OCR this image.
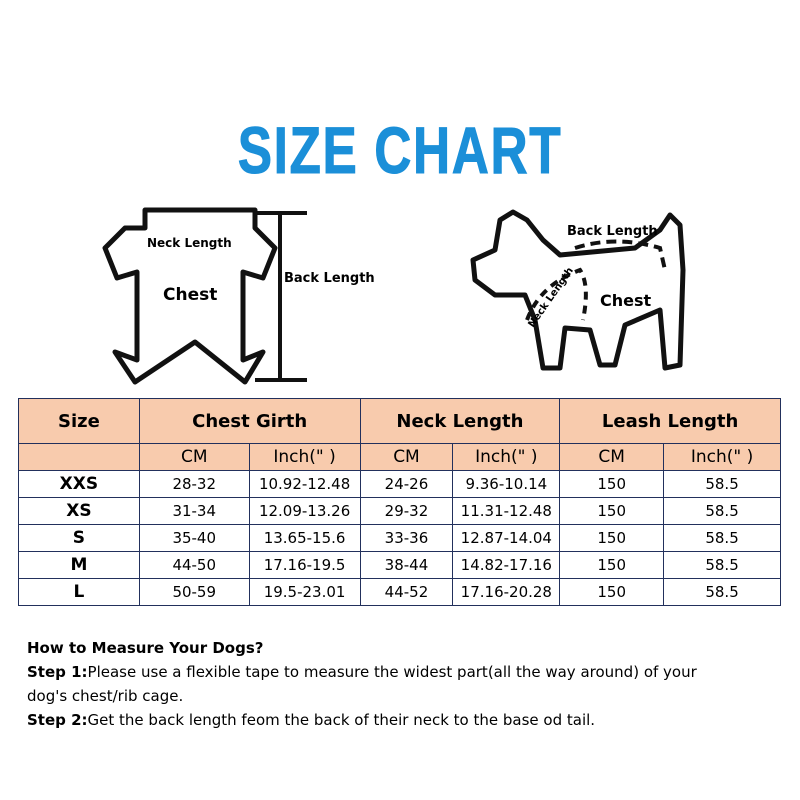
SIZE CHART
Neck Length
Chest
Back Length
Back Length
Neck Length Chest
Size	Chest Girth		Neck Length		Leash Length	
	CM	Inch(" )	CM	Inch(" )	CM	Inch(" )
XXS	28-32	10.92-12.48	24-26	9.36-10.14	150	58.5
XS	31-34	12.09-13.26	29-32	11.31-12.48	150	58.5
S	35-40	13.65-15.6	33-36	12.87-14.04	150	58.5
M	44-50	17.16-19.5	38-44	14.82-17.16	150	58.5
L	50-59	19.5-23.01	44-52	17.16-20.28	150	58.5
How to Measure Your Dogs?
Step 1:Please use a flexible tape to measure the widest part(all the way around) of your
dog's chest/rib cage.
Step 2:Get the back length feom the back of their neck to the base od tail.
